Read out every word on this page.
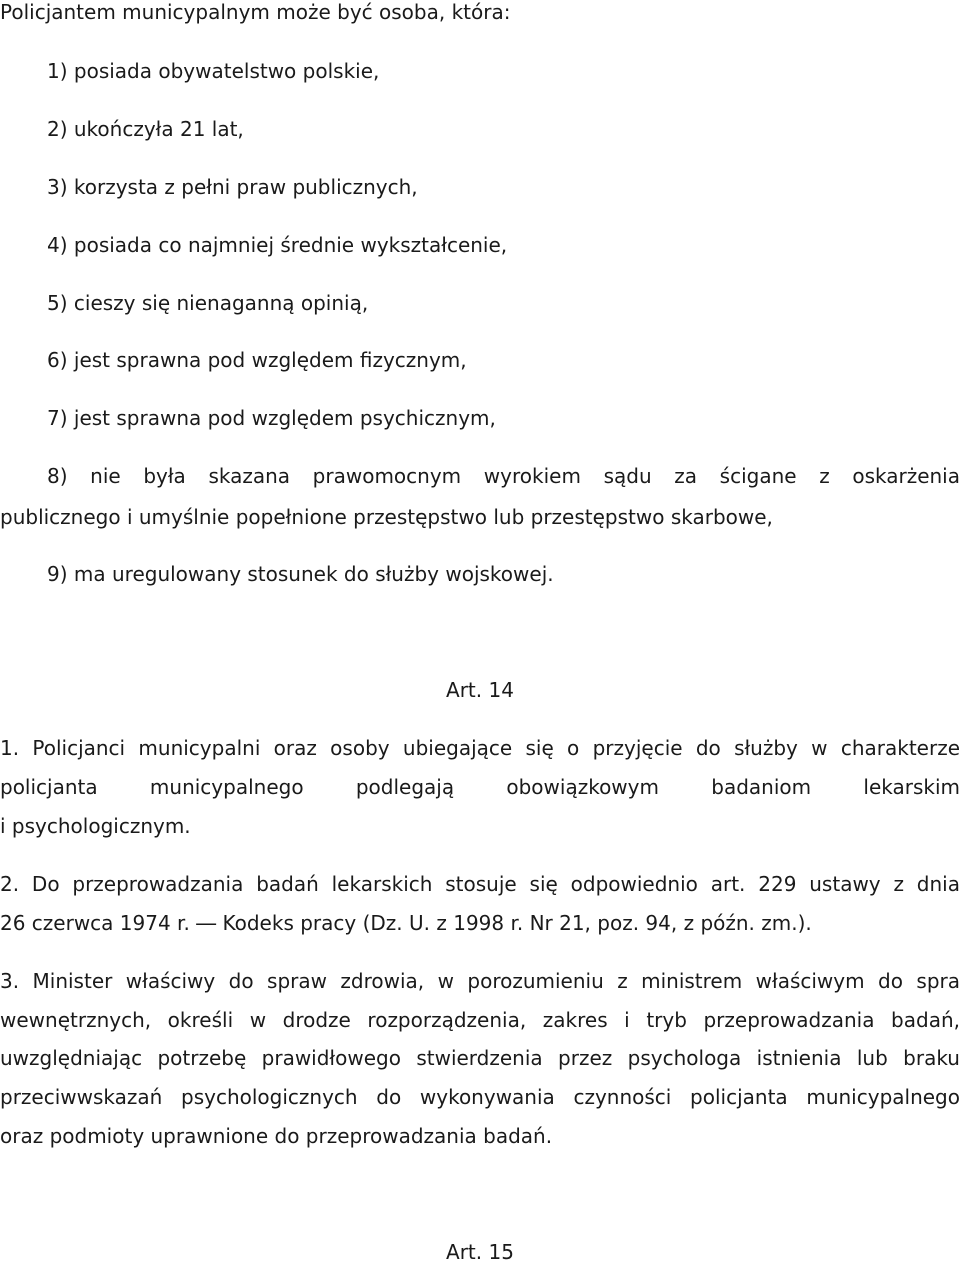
Policjantem municypalnym może być osoba, która:
1) posiada obywatelstwo polskie,
2) ukończyła 21 lat,
3) korzysta z pełni praw publicznych,
4) posiada co najmniej średnie wykształcenie,
5) cieszy się nienaganną opinią,
6) jest sprawna pod względem fizycznym,
7) jest sprawna pod względem psychicznym,
8) nie była skazana prawomocnym wyrokiem sądu za ścigane z oskarżenia
publicznego i umyślnie popełnione przestępstwo lub przestępstwo skarbowe,
9) ma uregulowany stosunek do służby wojskowej.
Art. 14
1. Policjanci municypalni oraz osoby ubiegające się o przyjęcie do służby w charakterze
policjanta municypalnego podlegają obowiązkowym badaniom lekarskim
i psychologicznym.
2. Do przeprowadzania badań lekarskich stosuje się odpowiednio art. 229 ustawy z dnia
26 czerwca 1974 r. ― Kodeks pracy (Dz. U. z 1998 r. Nr 21, poz. 94, z późn. zm.).
3. Minister właściwy do spraw zdrowia, w porozumieniu z ministrem właściwym do spra
wewnętrznych, określi w drodze rozporządzenia, zakres i tryb przeprowadzania badań,
uwzględniając potrzebę prawidłowego stwierdzenia przez psychologa istnienia lub braku
przeciwwskazań psychologicznych do wykonywania czynności policjanta municypalnego
oraz podmioty uprawnione do przeprowadzania badań.
Art. 15
